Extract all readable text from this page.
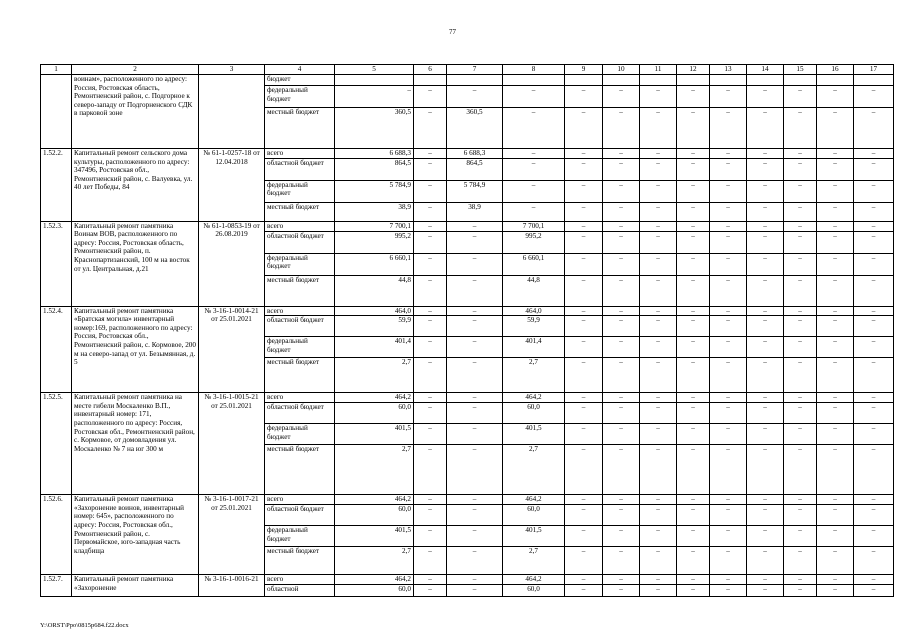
77
1	2	3	4	5	6	7	8	9	10	11	12	13	14	15	16	17
	воинам», расположенного по адресу: Россия, Ростовская область, Ремонтненский район, с. Подгорное к северо-западу от Подгорненского СДК в парковой зоне		бюджет													
			федеральный бюджет	–	–	–	–	–	–	–	–	–	–	–	–	–
			местный бюджет	360,5	–	360,5	–	–	–	–	–	–	–	–	–	–
1.52.2.	Капитальный ремонт сельского дома культуры, расположенного по адресу: 347496, Ростовская обл., Ремонтненский район, с. Валуевка, ул. 40 лет Победы, 84	№ 61-1-0257-18 от 12.04.2018	всего	6 688,3	–	6 688,3	–	–	–	–	–	–	–	–	–	–
			областной бюджет	864,5	–	864,5	–	–	–	–	–	–	–	–	–	–
			федеральный бюджет	5 784,9	–	5 784,9	–	–	–	–	–	–	–	–	–	–
			местный бюджет	38,9	–	38,9	–	–	–	–	–	–	–	–	–	–
1.52.3.	Капитальный ремонт памятника Воинам ВОВ, расположенного по адресу: Россия, Ростовская область, Ремонтненский район, п. Краснопартизанский, 100 м на восток от ул. Центральная, д.21	№ 61-1-0853-19 от 26.08.2019	всего	7 700,1	–	–	7 700,1	–	–	–	–	–	–	–	–	–
			областной бюджет	995,2	–	–	995,2	–	–	–	–	–	–	–	–	–
			федеральный бюджет	6 660,1	–	–	6 660,1	–	–	–	–	–	–	–	–	–
			местный бюджет	44,8	–	–	44,8	–	–	–	–	–	–	–	–	–
1.52.4.	Капитальный ремонт памятника «Братская могила» инвентарный номер:169, расположенного по адресу: Россия, Ростовская обл., Ремонтненский район, с. Кормовое, 200 м на северо-запад от ул. Безымянная, д. 5	№ 3-16-1-0014-21 от 25.01.2021	всего	464,0	–	–	464,0	–	–	–	–	–	–	–	–	–
			областной бюджет	59,9	–	–	59,9	–	–	–	–	–	–	–	–	–
			федеральный бюджет	401,4	–	–	401,4	–	–	–	–	–	–	–	–	–
			местный бюджет	2,7	–	–	2,7	–	–	–	–	–	–	–	–	–
1.52.5.	Капитальный ремонт памятника на месте гибели Москаленко В.П., инвентарный номер: 171, расположенного по адресу: Россия, Ростовская обл., Ремонтненский район, с. Кормовое, от домовладения ул. Москаленко № 7 на юг 300 м	№ 3-16-1-0015-21 от 25.01.2021	всего	464,2	–	–	464,2	–	–	–	–	–	–	–	–	–
			областной бюджет	60,0	–	–	60,0	–	–	–	–	–	–	–	–	–
			федеральный бюджет	401,5	–	–	401,5	–	–	–	–	–	–	–	–	–
			местный бюджет	2,7	–	–	2,7	–	–	–	–	–	–	–	–	–
1.52.6.	Капитальный ремонт памятника «Захоронение воинов, инвентарный номер: 645», расположенного по адресу: Россия, Ростовская обл., Ремонтненский район, с. Первомайское, юго-западная часть кладбища	№ 3-16-1-0017-21 от 25.01.2021	всего	464,2	–	–	464,2	–	–	–	–	–	–	–	–	–
			областной бюджет	60,0	–	–	60,0	–	–	–	–	–	–	–	–	–
			федеральный бюджет	401,5	–	–	401,5	–	–	–	–	–	–	–	–	–
			местный бюджет	2,7	–	–	2,7	–	–	–	–	–	–	–	–	–
1.52.7.	Капитальный ремонт памятника «Захоронение	№ 3-16-1-0016-21	всего	464,2	–	–	464,2	–	–	–	–	–	–	–	–	–
			областной	60,0	–	–	60,0	–	–	–	–	–	–	–	–	–
Y:\ORST\Ppo\0815p684.f22.docx
